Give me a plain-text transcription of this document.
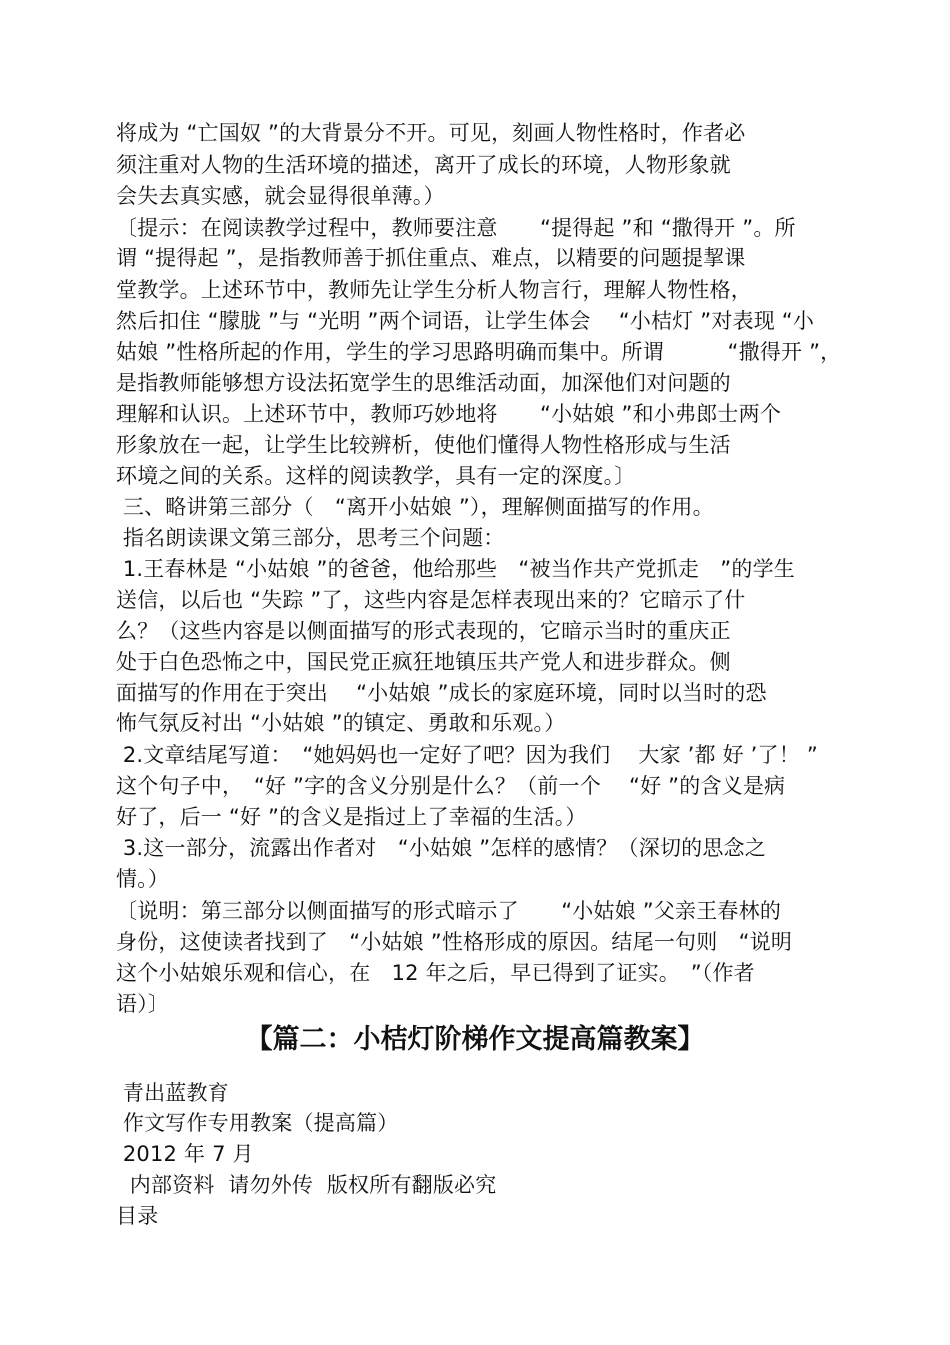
将成为 “亡国奴 ”的大背景分不开。可见，刻画人物性格时，作者必
须注重对人物的生活环境的描述，离开了成长的环境，人物形象就
会失去真实感，就会显得很单薄。）
〔提示：在阅读教学过程中，教师要注意　　“提得起 ”和 “撒得开 ”。所
谓 “提得起 ”，是指教师善于抓住重点、难点，以精要的问题提挈课
堂教学。上述环节中，教师先让学生分析人物言行，理解人物性格，
然后扣住 “朦胧 ”与 “光明 ”两个词语，让学生体会　 “小桔灯 ”对表现 “小
姑娘 ”性格所起的作用，学生的学习思路明确而集中。所谓　　　“撒得开 ”，
是指教师能够想方设法拓宽学生的思维活动面，加深他们对问题的
理解和认识。上述环节中，教师巧妙地将　　“小姑娘 ”和小弗郎士两个
形象放在一起，让学生比较辨析，使他们懂得人物性格形成与生活
环境之间的关系。这样的阅读教学，具有一定的深度。〕
三、略讲第三部分（　“离开小姑娘 ”），理解侧面描写的作用。
指名朗读课文第三部分，思考三个问题：
1.王春林是 “小姑娘 ”的爸爸，他给那些　“被当作共产党抓走　”的学生
送信，以后也 “失踪 ”了，这些内容是怎样表现出来的？它暗示了什
么？（这些内容是以侧面描写的形式表现的，它暗示当时的重庆正
处于白色恐怖之中，国民党正疯狂地镇压共产党人和进步群众。侧
面描写的作用在于突出　 “小姑娘 ”成长的家庭环境，同时以当时的恐
怖气氛反衬出 “小姑娘 ”的镇定、勇敢和乐观。）
2.文章结尾写道：　“她妈妈也一定好了吧？因为我们　 大家 ’都 好 ’了！ ”
这个句子中，　“好 ”字的含义分别是什么？（前一个　 “好 ”的含义是病
好了，后一 “好 ”的含义是指过上了幸福的生活。）
3.这一部分，流露出作者对　“小姑娘 ”怎样的感情？（深切的思念之
情。）
〔说明：第三部分以侧面描写的形式暗示了　　“小姑娘 ”父亲王春林的
身份，这使读者找到了　“小姑娘 ”性格形成的原因。结尾一句则　“说明
这个小姑娘乐观和信心，在　12 年之后，早已得到了证实。　”（作者
语）〕
【篇二：小桔灯阶梯作文提高篇教案】
青出蓝教育
作文写作专用教案（提高篇）
2012 年 7 月
内部资料  请勿外传  版权所有翻版必究
目录
